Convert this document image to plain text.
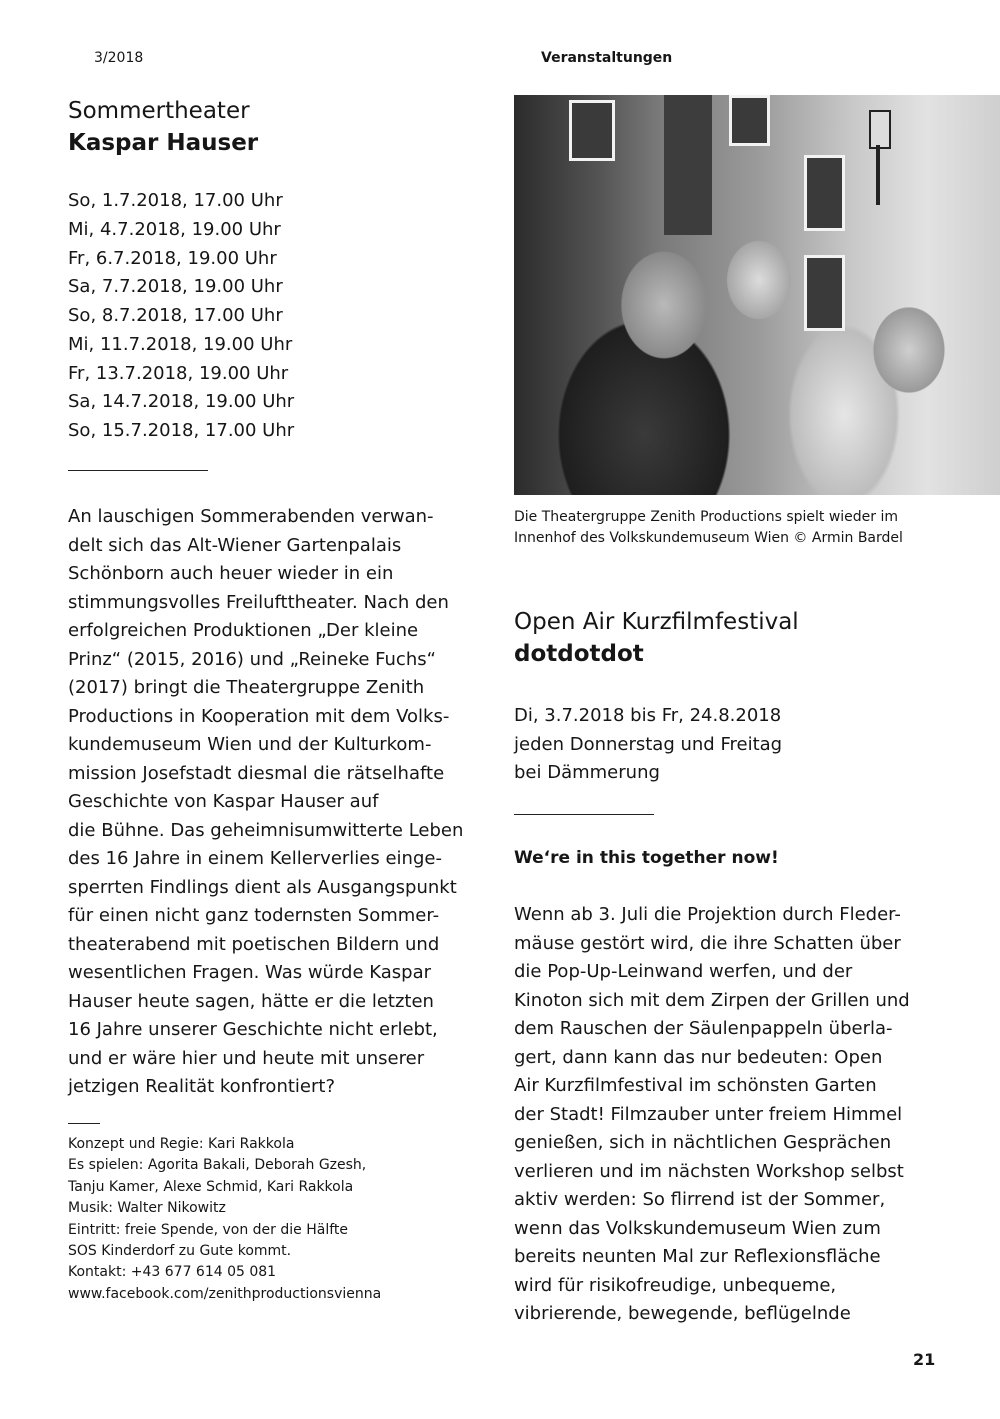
3/2018	Veranstaltungen
Sommertheater
Kaspar Hauser
So, 1.7.2018, 17.00 Uhr
Mi, 4.7.2018, 19.00 Uhr
Fr, 6.7.2018, 19.00 Uhr
Sa, 7.7.2018, 19.00 Uhr
So, 8.7.2018, 17.00 Uhr
Mi, 11.7.2018, 19.00 Uhr
Fr, 13.7.2018, 19.00 Uhr
Sa, 14.7.2018, 19.00 Uhr
So, 15.7.2018, 17.00 Uhr
An lauschigen Sommerabenden verwan-
delt sich das Alt-Wiener Gartenpalais
Schönborn auch heuer wieder in ein
stimmungsvolles Freilufttheater. Nach den
erfolgreichen Produktionen „Der kleine
Prinz“ (2015, 2016) und „Reineke Fuchs“
(2017) bringt die Theatergruppe Zenith
Productions in Kooperation mit dem Volks-
kundemuseum Wien und der Kulturkom-
mission Josefstadt diesmal die rätselhafte
Geschichte von Kaspar Hauser auf
die Bühne. Das geheimnisumwitterte Leben
des 16 Jahre in einem Kellerverlies einge-
sperrten Findlings dient als Ausgangspunkt
für einen nicht ganz todernsten Sommer-
theaterabend mit poetischen Bildern und
wesentlichen Fragen. Was würde Kaspar
Hauser heute sagen, hätte er die letzten
16 Jahre unserer Geschichte nicht erlebt,
und er wäre hier und heute mit unserer
jetzigen Realität konfrontiert?
Konzept und Regie: Kari Rakkola
Es spielen: Agorita Bakali, Deborah Gzesh,
Tanju Kamer, Alexe Schmid, Kari Rakkola
Musik: Walter Nikowitz
Eintritt: freie Spende, von der die Hälfte
SOS Kinderdorf zu Gute kommt.
Kontakt: +43 677 614 05 081
www.facebook.com/zenithproductionsvienna
Die Theatergruppe Zenith Productions spielt wieder im
Innenhof des Volkskundemuseum Wien © Armin Bardel
Open Air Kurzfilmfestival
dotdotdot
Di, 3.7.2018 bis Fr, 24.8.2018
jeden Donnerstag und Freitag
bei Dämmerung
We‘re in this together now!
Wenn ab 3. Juli die Projektion durch Fleder-
mäuse gestört wird, die ihre Schatten über
die Pop-Up-Leinwand werfen, und der
Kinoton sich mit dem Zirpen der Grillen und
dem Rauschen der Säulenpappeln überla-
gert, dann kann das nur bedeuten: Open
Air Kurzfilmfestival im schönsten Garten
der Stadt! Filmzauber unter freiem Himmel
genießen, sich in nächtlichen Gesprächen
verlieren und im nächsten Workshop selbst
aktiv werden: So flirrend ist der Sommer,
wenn das Volkskundemuseum Wien zum
bereits neunten Mal zur Reflexionsfläche
wird für risikofreudige, unbequeme,
vibrierende, bewegende, beflügelnde
21
